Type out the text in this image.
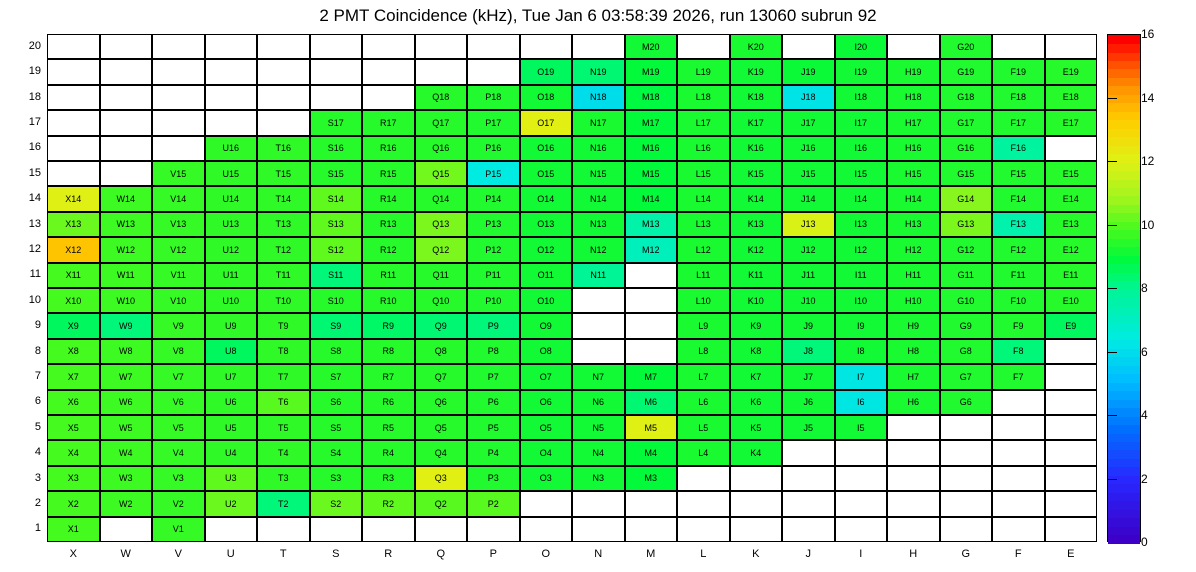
2 PMT Coincidence (kHz), Tue Jan 6 03:58:39 2026, run 13060 subrun 92
M20	K20	I20	G20
O19	N19	M19	L19	K19	J19	I19	H19	G19	F19	E19
Q18	P18	O18	N18	M18	L18	K18	J18	I18	H18	G18	F18	E18
S17	R17	Q17	P17	O17	N17	M17	L17	K17	J17	I17	H17	G17	F17	E17
U16	T16	S16	R16	Q16	P16	O16	N16	M16	L16	K16	J16	I16	H16	G16	F16
V15	U15	T15	S15	R15	Q15	P15	O15	N15	M15	L15	K15	J15	I15	H15	G15	F15	E15
X14	W14	V14	U14	T14	S14	R14	Q14	P14	O14	N14	M14	L14	K14	J14	I14	H14	G14	F14	E14
X13	W13	V13	U13	T13	S13	R13	Q13	P13	O13	N13	M13	L13	K13	J13	I13	H13	G13	F13	E13
X12	W12	V12	U12	T12	S12	R12	Q12	P12	O12	N12	M12	L12	K12	J12	I12	H12	G12	F12	E12
X11	W11	V11	U11	T11	S11	R11	Q11	P11	O11	N11	L11	K11	J11	I11	H11	G11	F11	E11
X10	W10	V10	U10	T10	S10	R10	Q10	P10	O10	L10	K10	J10	I10	H10	G10	F10	E10
X9	W9	V9	U9	T9	S9	R9	Q9	P9	O9	L9	K9	J9	I9	H9	G9	F9	E9
X8	W8	V8	U8	T8	S8	R8	Q8	P8	O8	L8	K8	J8	I8	H8	G8	F8
X7	W7	V7	U7	T7	S7	R7	Q7	P7	O7	N7	M7	L7	K7	J7	I7	H7	G7	F7
X6	W6	V6	U6	T6	S6	R6	Q6	P6	O6	N6	M6	L6	K6	J6	I6	H6	G6
X5	W5	V5	U5	T5	S5	R5	Q5	P5	O5	N5	M5	L5	K5	J5	I5
X4	W4	V4	U4	T4	S4	R4	Q4	P4	O4	N4	M4	L4	K4
X3	W3	V3	U3	T3	S3	R3	Q3	P3	O3	N3	M3
X2	W2	V2	U2	T2	S2	R2	Q2	P2
X1	V1
20
19
18
17
16
15
14
13
12
11
10
9
8
7
6
5
4
3
2
1
X	W	V	U	T	S	R	Q	P	O	N	M	L	K	J	I	H	G	F	E
0
2
4
6
8
10
12
14
16
